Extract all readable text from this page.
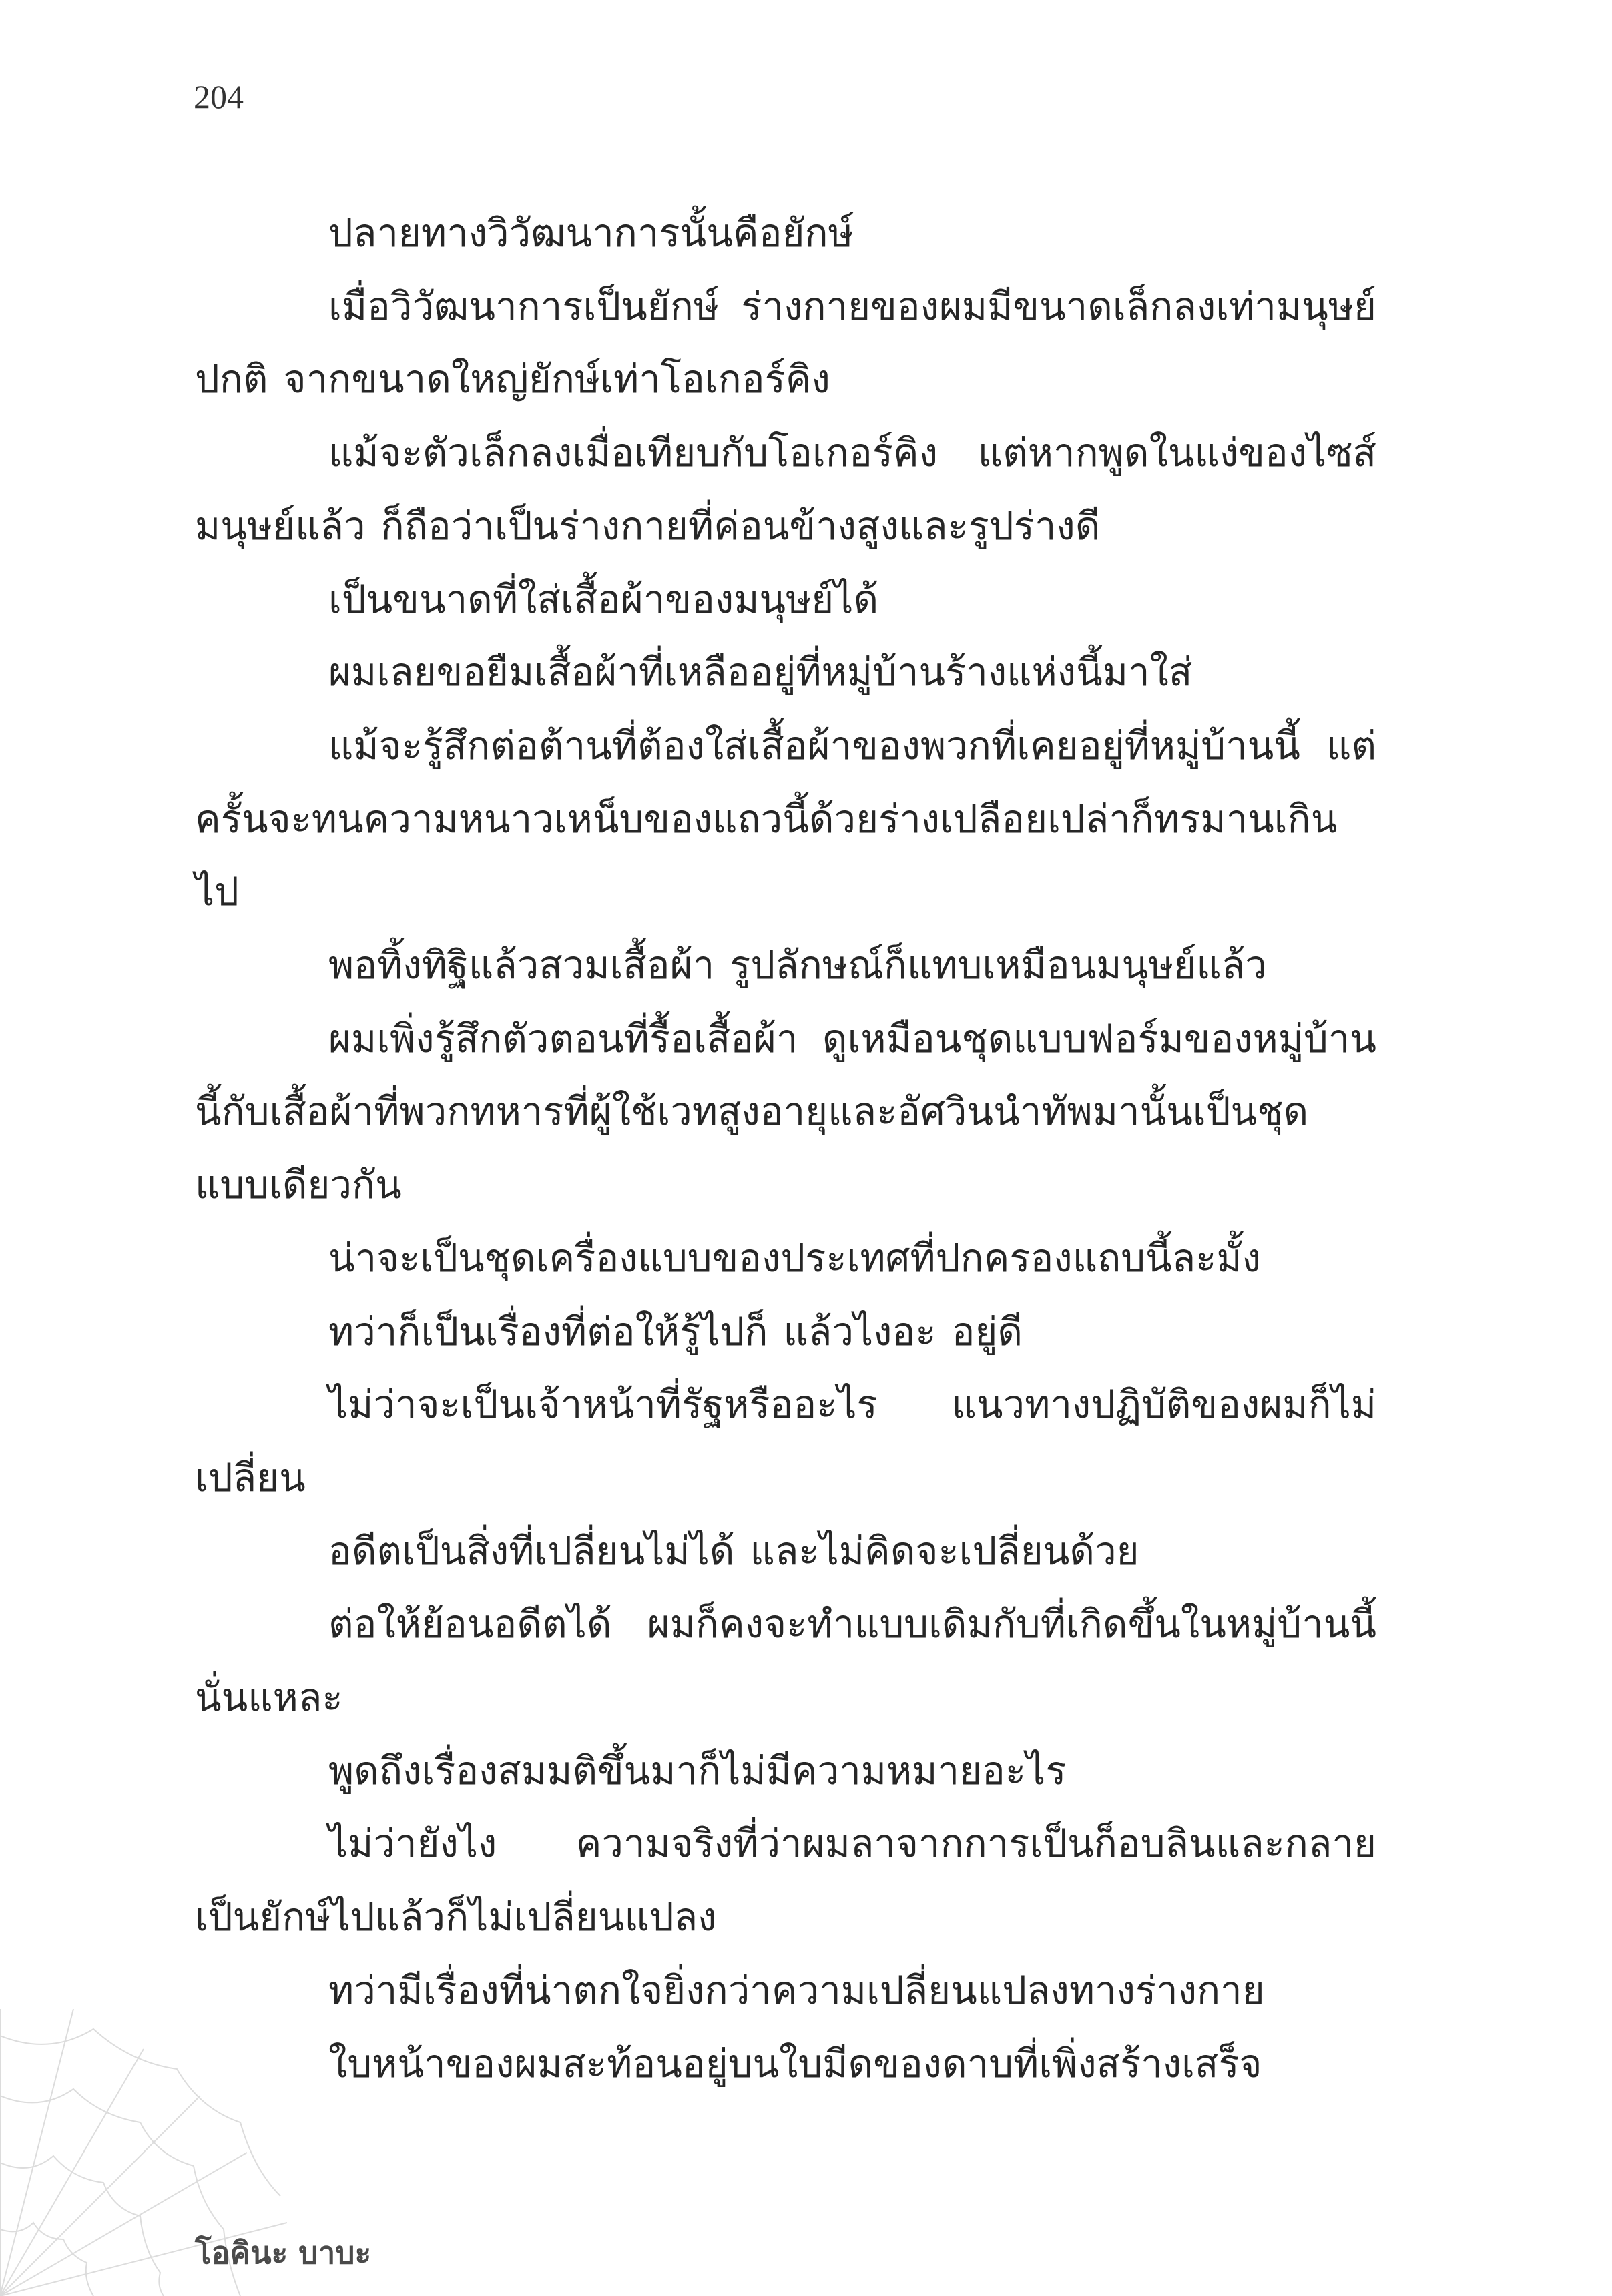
204

ปลายทางวิวัฒนาการนั้นคือยักษ์

เมื่อวิวัฒนาการเป็นยักษ์ ร่างกายของผมมีขนาดเล็กลงเท่ามนุษย์ปกติ จากขนาดใหญ่ยักษ์เท่าโอเกอร์คิง

แม้จะตัวเล็กลงเมื่อเทียบกับโอเกอร์คิง แต่หากพูดในแง่ของไซส์มนุษย์แล้ว ก็ถือว่าเป็นร่างกายที่ค่อนข้างสูงและรูปร่างดี

เป็นขนาดที่ใส่เสื้อผ้าของมนุษย์ได้

ผมเลยขอยืมเสื้อผ้าที่เหลืออยู่ที่หมู่บ้านร้างแห่งนี้มาใส่

แม้จะรู้สึกต่อต้านที่ต้องใส่เสื้อผ้าของพวกที่เคยอยู่ที่หมู่บ้านนี้ แต่ครั้นจะทนความหนาวเหน็บของแถวนี้ด้วยร่างเปลือยเปล่าก็ทรมานเกินไป

พอทิ้งทิฐิแล้วสวมเสื้อผ้า รูปลักษณ์ก็แทบเหมือนมนุษย์แล้ว

ผมเพิ่งรู้สึกตัวตอนที่รื้อเสื้อผ้า ดูเหมือนชุดแบบฟอร์มของหมู่บ้านนี้กับเสื้อผ้าที่พวกทหารที่ผู้ใช้เวทสูงอายุและอัศวินนำทัพมานั้นเป็นชุดแบบเดียวกัน

น่าจะเป็นชุดเครื่องแบบของประเทศที่ปกครองแถบนี้ละมั้ง

ทว่าก็เป็นเรื่องที่ต่อให้รู้ไปก็ แล้วไงอะ อยู่ดี

ไม่ว่าจะเป็นเจ้าหน้าที่รัฐหรืออะไร แนวทางปฏิบัติของผมก็ไม่เปลี่ยน

อดีตเป็นสิ่งที่เปลี่ยนไม่ได้ และไม่คิดจะเปลี่ยนด้วย

ต่อให้ย้อนอดีตได้ ผมก็คงจะทำแบบเดิมกับที่เกิดขึ้นในหมู่บ้านนี้นั่นแหละ

พูดถึงเรื่องสมมติขึ้นมาก็ไม่มีความหมายอะไร

ไม่ว่ายังไง ความจริงที่ว่าผมลาจากการเป็นก็อบลินและกลายเป็นยักษ์ไปแล้วก็ไม่เปลี่ยนแปลง

ทว่ามีเรื่องที่น่าตกใจยิ่งกว่าความเปลี่ยนแปลงทางร่างกาย

ใบหน้าของผมสะท้อนอยู่บนใบมีดของดาบที่เพิ่งสร้างเสร็จ

โอคินะ บาบะ
